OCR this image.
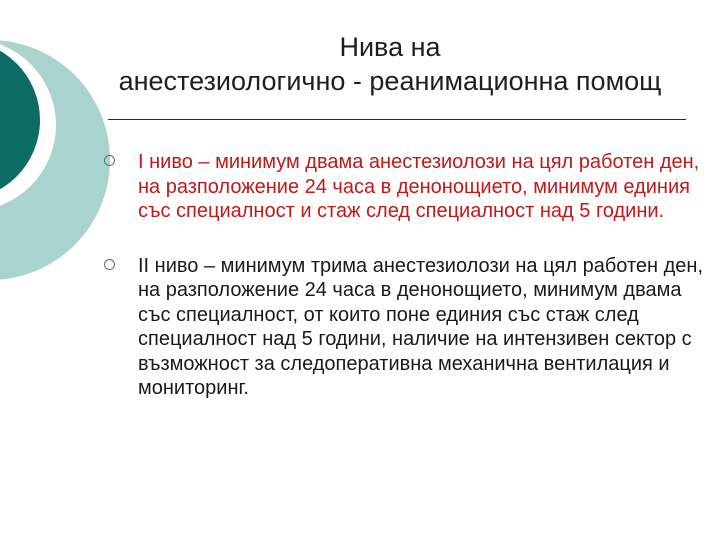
Нива на
анестезиологично - реанимационна помощ
I ниво – минимум двама анестезиолози на цял работен ден, на разположение 24 часа в денонощието, минимум единия със специалност и стаж след специалност над 5 години.
II ниво – минимум трима анестезиолози на цял работен ден, на разположение 24 часа в денонощието, минимум двама със специалност, от които поне единия със стаж след специалност над 5 години, наличие на интензивен сектор с възможност за следоперативна механична вентилация и мониторинг.
